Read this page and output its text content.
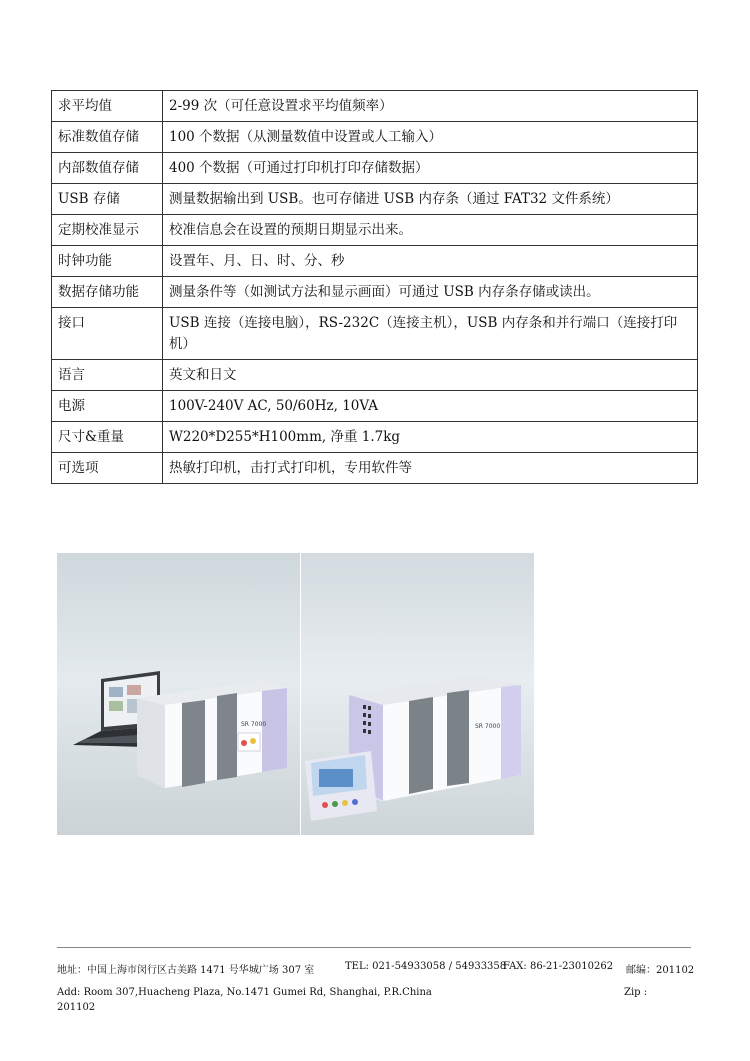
求平均值	2-99 次（可任意设置求平均值频率）
标准数值存储	100 个数据（从测量数值中设置或人工输入）
内部数值存储	400 个数据（可通过打印机打印存储数据）
USB 存储	测量数据输出到 USB。也可存储进 USB 内存条（通过 FAT32 文件系统）
定期校准显示	校准信息会在设置的预期日期显示出来。
时钟功能	设置年、月、日、时、分、秒
数据存储功能	测量条件等（如测试方法和显示画面）可通过 USB 内存条存储或读出。
接口	USB 连接（连接电脑），RS-232C（连接主机），USB 内存条和并行端口（连接打印机）
语言	英文和日文
电源	100V-240V AC, 50/60Hz, 10VA
尺寸&重量	W220*D255*H100mm, 净重 1.7kg
可选项	热敏打印机，击打式打印机，专用软件等
SR 7000	SR 7000
地址：中国上海市闵行区古美路 1471 号华城广场 307 室	TEL: 021-54933058 / 54933358
FAX: 86-21-23010262 邮编：201102
Add: Room 307,Huacheng Plaza, No.1471 Gumei Rd, Shanghai, P.R.China	Zip :
201102
